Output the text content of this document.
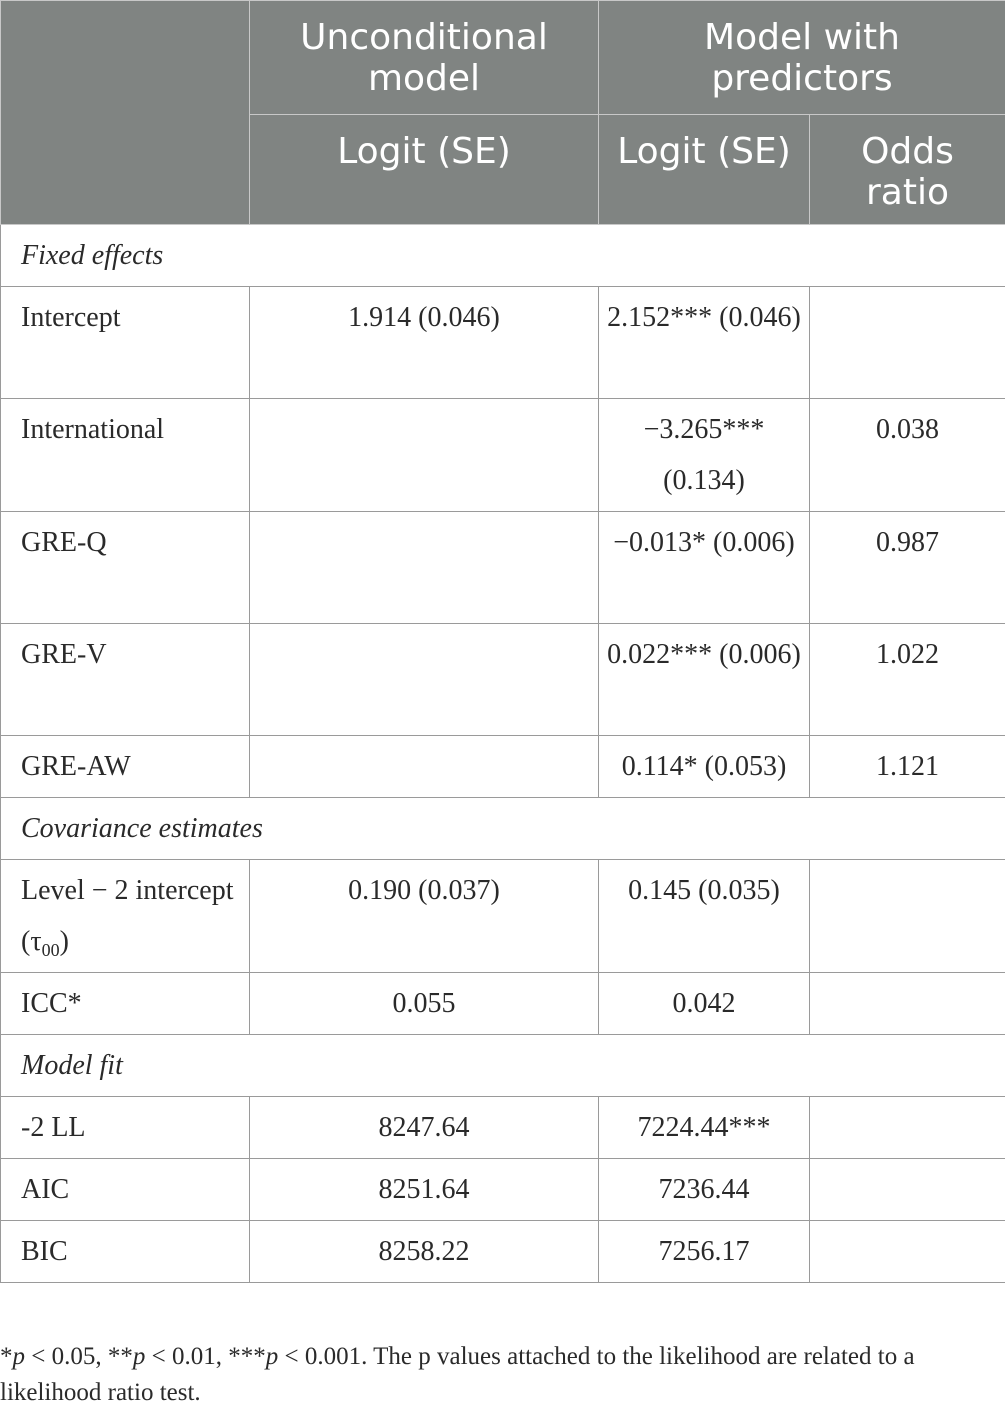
	Unconditional model	Model with predictors	
	Logit (SE)	Logit (SE)	Odds ratio
Fixed effects			
Intercept	1.914 (0.046)	2.152*** (0.046)	
International		−3.265*** (0.134)	0.038
GRE-Q		−0.013* (0.006)	0.987
GRE-V		0.022*** (0.006)	1.022
GRE-AW		0.114* (0.053)	1.121
Covariance estimates			
Level − 2 intercept $(\tau_{00})$	0.190 (0.037)	0.145 (0.035)	
ICC*	0.055	0.042	
Model fit			
-2 LL	8247.64	7224.44***	
AIC	8251.64	7236.44	
BIC	8258.22	7256.17	
*p < 0.05, **p < 0.01, ***p < 0.001. The p values attached to the likelihood are related to a likelihood ratio test.
